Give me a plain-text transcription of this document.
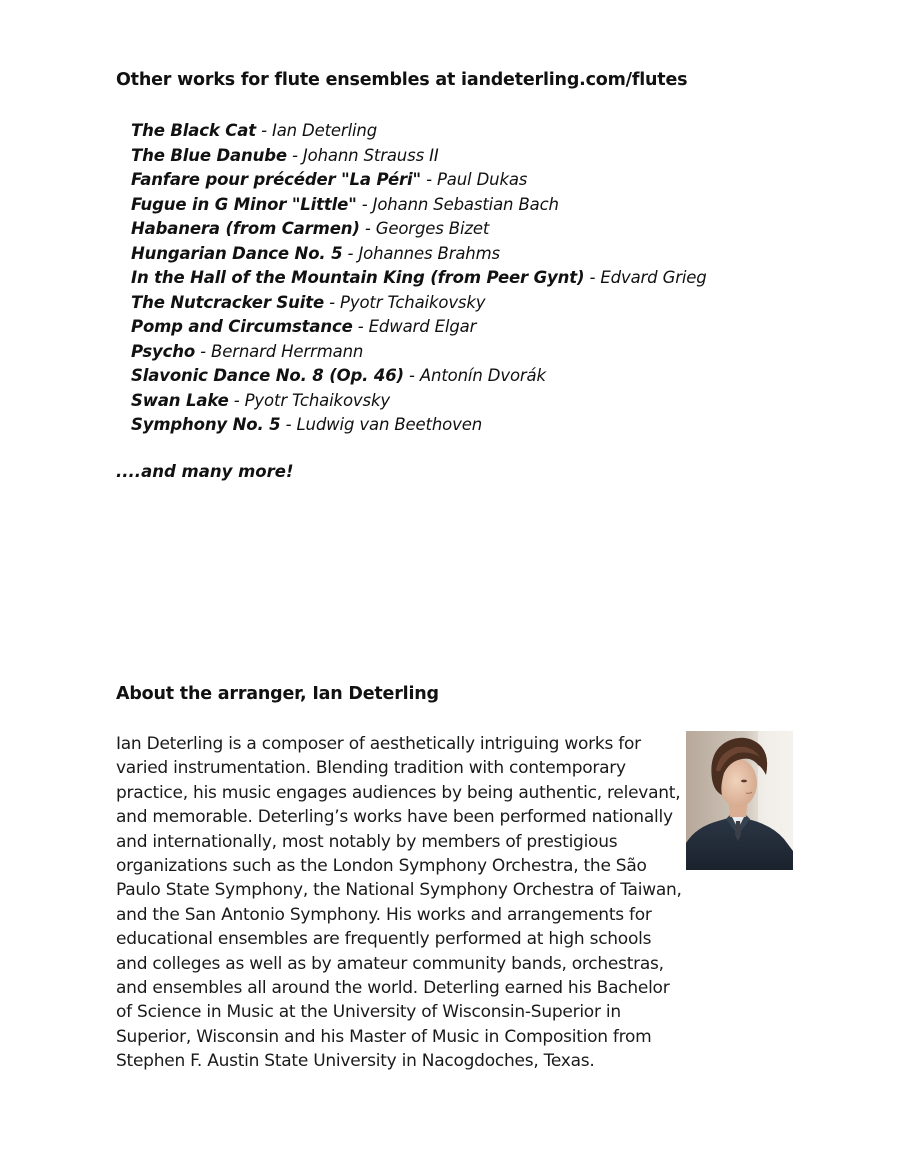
Other works for flute ensembles at iandeterling.com/flutes
The Black Cat - Ian Deterling
The Blue Danube - Johann Strauss II
Fanfare pour précéder "La Péri" - Paul Dukas
Fugue in G Minor "Little" - Johann Sebastian Bach
Habanera (from Carmen) - Georges Bizet
Hungarian Dance No. 5 - Johannes Brahms
In the Hall of the Mountain King (from Peer Gynt) - Edvard Grieg
The Nutcracker Suite - Pyotr Tchaikovsky
Pomp and Circumstance - Edward Elgar
Psycho - Bernard Herrmann
Slavonic Dance No. 8 (Op. 46) - Antonín Dvorák
Swan Lake - Pyotr Tchaikovsky
Symphony No. 5 - Ludwig van Beethoven

....and many more!

About the arranger, Ian Deterling

Ian Deterling is a composer of aesthetically intriguing works for varied instrumentation. Blending tradition with contemporary practice, his music engages audiences by being authentic, relevant, and memorable. Deterling’s works have been performed nationally and internationally, most notably by members of prestigious organizations such as the London Symphony Orchestra, the São Paulo State Symphony, the National Symphony Orchestra of Taiwan, and the San Antonio Symphony. His works and arrangements for educational ensembles are frequently performed at high schools and colleges as well as by amateur community bands, orchestras, and ensembles all around the world. Deterling earned his Bachelor of Science in Music at the University of Wisconsin-Superior in Superior, Wisconsin and his Master of Music in Composition from Stephen F. Austin State University in Nacogdoches, Texas.
